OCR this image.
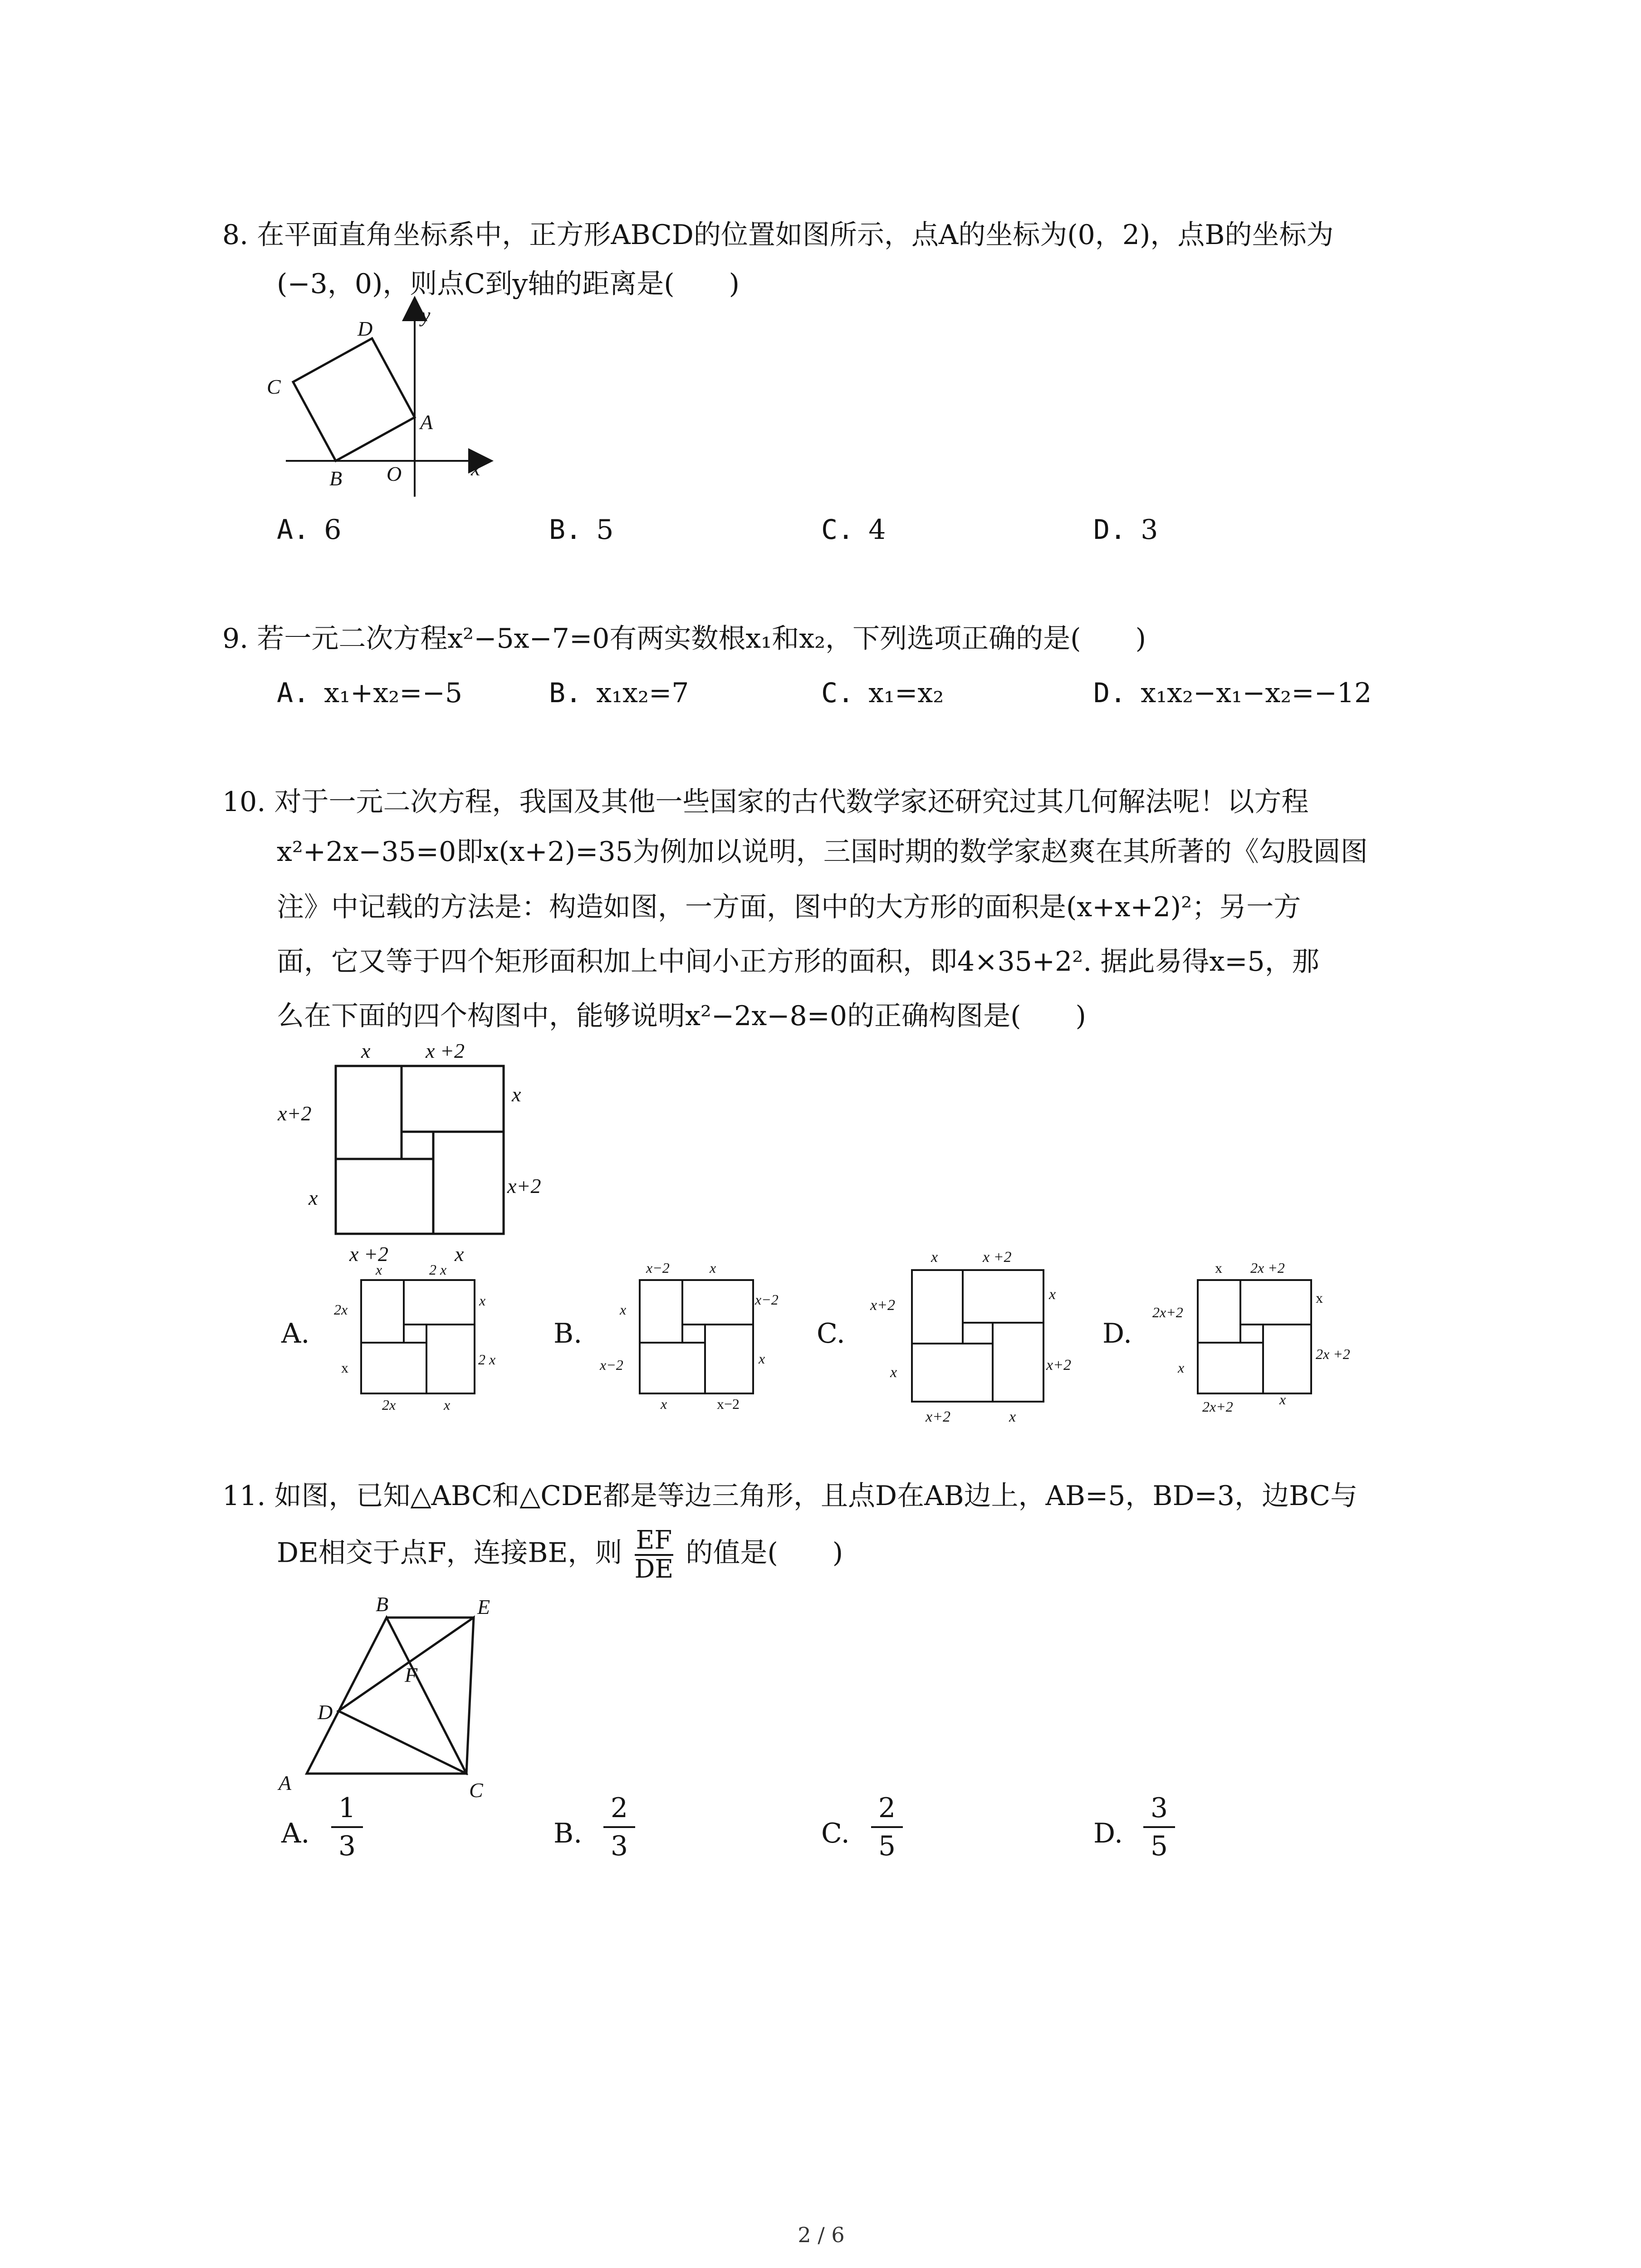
8. 在平面直角坐标系中，正方形ABCD的位置如图所示，点A的坐标为(0，2)，点B的坐标为
(−3，0)，则点C到y轴的距离是(　　)
D
y
C
A
B O	x
A. 6	B. 5	C. 4	D. 3
9. 若一元二次方程x²−5x−7=0有两实数根x₁和x₂，下列选项正确的是(　　)
A. x₁+x₂=−5	B. x₁x₂=7	C. x₁=x₂	D. x₁x₂−x₁−x₂=−12
10. 对于一元二次方程，我国及其他一些国家的古代数学家还研究过其几何解法呢！以方程
x²+2x−35=0即x(x+2)=35为例加以说明，三国时期的数学家赵爽在其所著的《勾股圆图
注》中记载的方法是：构造如图，一方面，图中的大方形的面积是(x+x+2)²；另一方
面，它又等于四个矩形面积加上中间小正方形的面积，即4×35+2². 据此易得x=5，那
么在下面的四个构图中，能够说明x²−2x−8=0的正确构图是(　　)
x	x +2
x+2
x
x
x+2
x +2	x
A.
x	2 x
2x
x
x
2 x
2x	x
B.
x−2	x
x
x−2
x−2
x
x	x−2
C.
x	x +2
x+2
x
x
x+2
x+2	x
D.
x 2x +2
2x+2
x
x
2x +2
2x+2	x
11. 如图，已知△ABC和△CDE都是等边三角形，且点D在AB边上，AB=5，BD=3，边BC与
DE相交于点F，连接BE，则 $\frac{EF}{DE}$ 的值是(　　)
B	E
F
D
A	C
A.
1
3	B.
2
3	C.
2
5	D.
3
5
2 / 6
